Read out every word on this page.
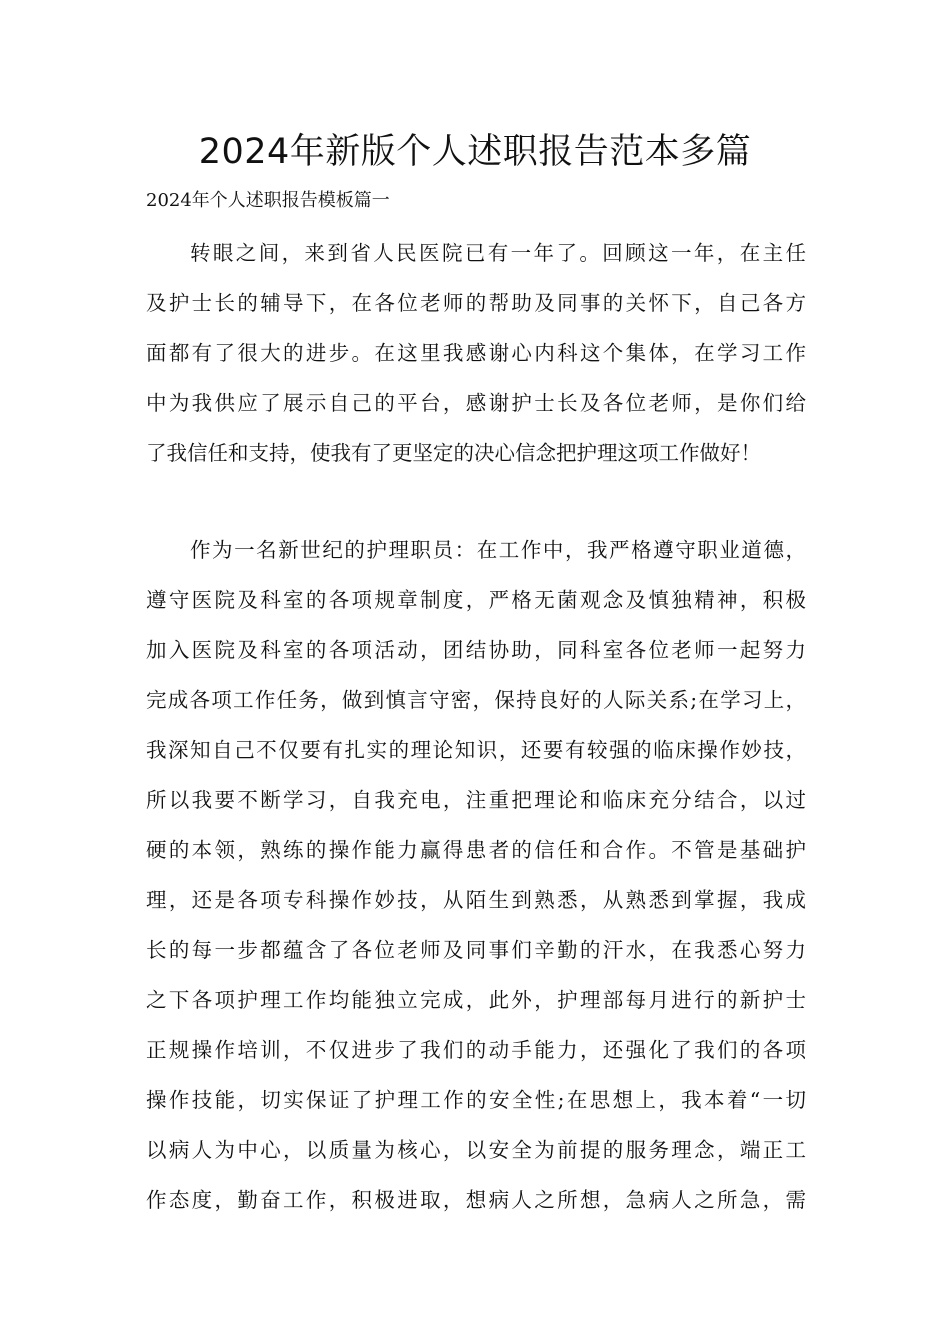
2024年新版个人述职报告范本多篇

2024年个人述职报告模板篇一

转眼之间，来到省人民医院已有一年了。回顾这一年，在主任
及护士长的辅导下，在各位老师的帮助及同事的关怀下，自己各方
面都有了很大的进步。在这里我感谢心内科这个集体，在学习工作
中为我供应了展示自己的平台，感谢护士长及各位老师，是你们给
了我信任和支持，使我有了更坚定的决心信念把护理这项工作做好！
作为一名新世纪的护理职员：在工作中，我严格遵守职业道德，
遵守医院及科室的各项规章制度，严格无菌观念及慎独精神，积极
加入医院及科室的各项活动，团结协助，同科室各位老师一起努力
完成各项工作任务，做到慎言守密，保持良好的人际关系;在学习上，
我深知自己不仅要有扎实的理论知识，还要有较强的临床操作妙技，
所以我要不断学习，自我充电，注重把理论和临床充分结合，以过
硬的本领，熟练的操作能力赢得患者的信任和合作。不管是基础护
理，还是各项专科操作妙技，从陌生到熟悉，从熟悉到掌握，我成
长的每一步都蕴含了各位老师及同事们辛勤的汗水，在我悉心努力
之下各项护理工作均能独立完成，此外，护理部每月进行的新护士
正规操作培训，不仅进步了我们的动手能力，还强化了我们的各项
操作技能，切实保证了护理工作的安全性;在思想上，我本着“一切
以病人为中心，以质量为核心，以安全为前提的服务理念，端正工
作态度，勤奋工作，积极进取，想病人之所想，急病人之所急，需
